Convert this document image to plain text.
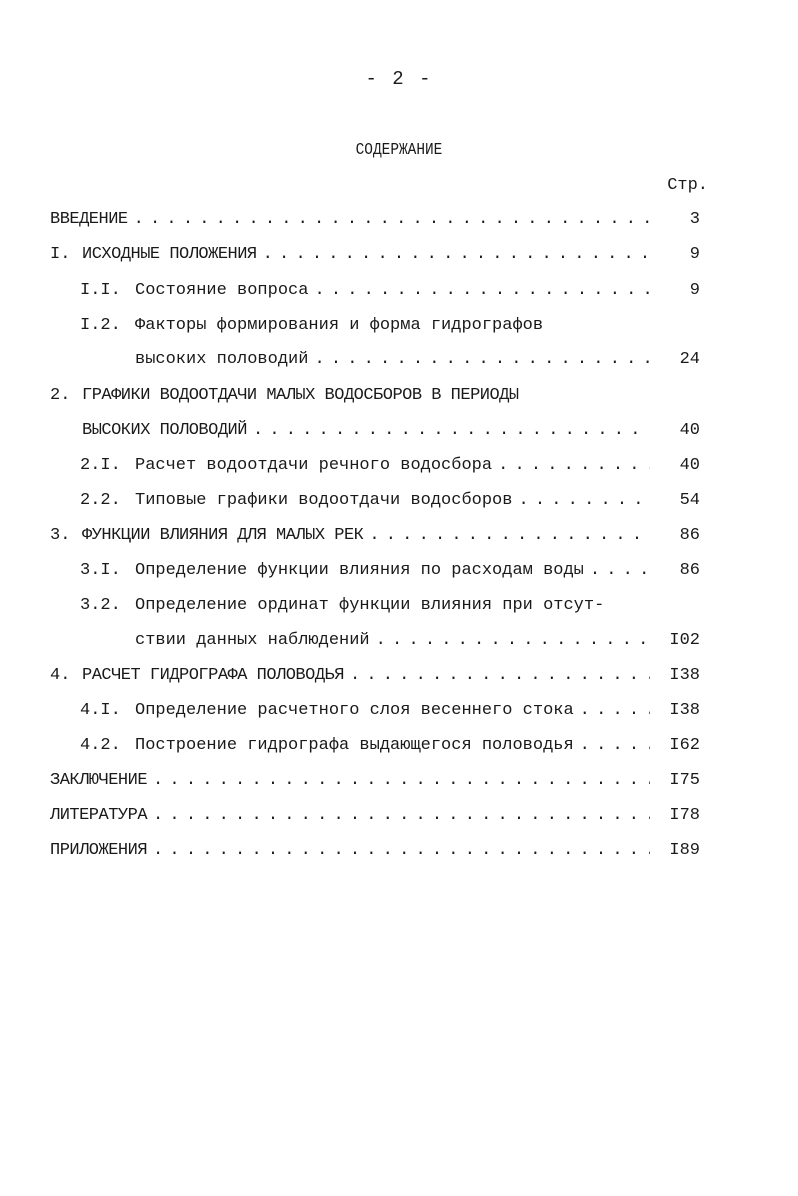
- 2 -
СОДЕРЖАНИЕ
Стр.
ВВЕДЕНИЕ . . .	3
I. ИСХОДНЫЕ ПОЛОЖЕНИЯ . . .	9
I.I. Состояние вопроса . . .	9
I.2. Факторы формирования и форма гидрографов
высоких половодий . . .	24
2. ГРАФИКИ ВОДООТДАЧИ МАЛЫХ ВОДОСБОРОВ В ПЕРИОДЫ
ВЫСОКИХ ПОЛОВОДИЙ . . .	40
2.I. Расчет водоотдачи речного водосбора . . .	40
2.2. Типовые графики водоотдачи водосборов . . .	54
3. ФУНКЦИИ ВЛИЯНИЯ ДЛЯ МАЛЫХ РЕК . . .	86
3.I. Определение функции влияния по расходам воды . . .	86
3.2. Определение ординат функции влияния при отсут-
ствии данных наблюдений . . .	I02
4. РАСЧЕТ ГИДРОГРАФА ПОЛОВОДЬЯ . . .	I38
4.I. Определение расчетного слоя весеннего стока . . .	I38
4.2. Построение гидрографа выдающегося половодья . . .	I62
ЗАКЛЮЧЕНИЕ . . .	I75
ЛИТЕРАТУРА . . .	I78
ПРИЛОЖЕНИЯ . . .	I89
